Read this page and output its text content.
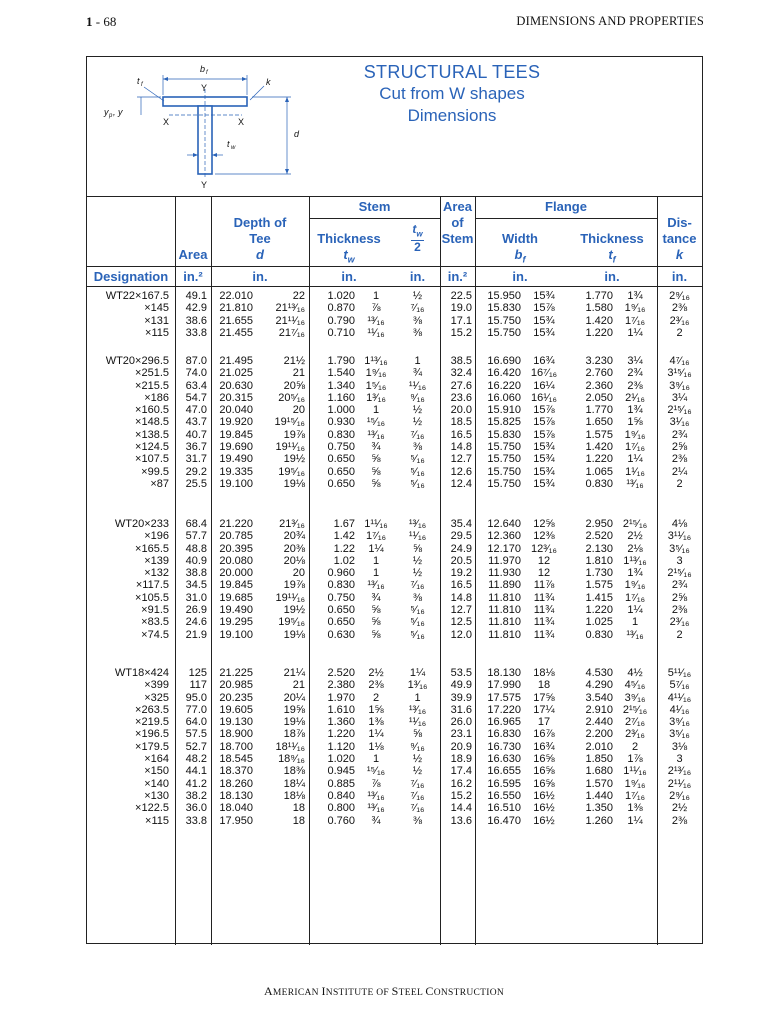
1 - 68	DIMENSIONS AND PROPERTIES
b f
t f	k
Y
Y
X	X
y p , y
d
t w
STRUCTURAL TEES
Cut from W shapes
Dimensions
Area
Depth of
Tee
d
Stem
Thickness
$t_w$
$\frac{t_w}{2}$
Area
of
Stem
Flange
Width
$b_f$
Thickness
$t_f$
Dis-
tance
k
Designation	in.²	in.	in.	in.	in.²	in.	in.	in.
WT22×167.5	49.1	22.010	22	1.020	1	½	22.5	15.950	15¾	1.770	1¾	2⁹⁄₁₆
×145	42.9	21.810	21¹³⁄₁₆	0.870	⅞	⁷⁄₁₆	19.0	15.830	15⅞	1.580	1⁹⁄₁₆	2⅜
×131	38.6	21.655	21¹¹⁄₁₆	0.790	¹³⁄₁₆	⅜	17.1	15.750	15¾	1.420	1⁷⁄₁₆	2³⁄₁₆
×115	33.8	21.455	21⁷⁄₁₆	0.710	¹¹⁄₁₆	⅜	15.2	15.750	15¾	1.220	1¼	2
WT20×296.5	87.0	21.495	21½	1.790 1¹³⁄₁₆	1	38.5	16.690	16¾	3.230	3¼	4⁷⁄₁₆
×251.5	74.0	21.025	21	1.540 1⁹⁄₁₆	¾	32.4	16.420 16⁷⁄₁₆	2.760	2¾	3¹⁵⁄₁₆
×215.5	63.4	20.630	20⅝	1.340 1⁵⁄₁₆	¹¹⁄₁₆	27.6	16.220	16¼	2.360	2⅜	3⁹⁄₁₆
×186	54.7	20.315	20⁵⁄₁₆	1.160	1³⁄₁₆	⁹⁄₁₆	23.6	16.060 16¹⁄₁₆	2.050	2¹⁄₁₆	3¼
×160.5	47.0	20.040	20	1.000	1	½	20.0	15.910	15⅞	1.770	1¾	2¹⁵⁄₁₆
×148.5	43.7	19.920	19¹⁵⁄₁₆	0.930	¹⁵⁄₁₆	½	18.5	15.825	15⅞	1.650	1⅝	3¹⁄₁₆
×138.5	40.7	19.845	19⅞	0.830	¹³⁄₁₆	⁷⁄₁₆	16.5	15.830	15⅞	1.575	1⁹⁄₁₆	2¾
×124.5	36.7	19.690	19¹¹⁄₁₆	0.750	¾	⅜	14.8	15.750	15¾	1.420	1⁷⁄₁₆	2⅝
×107.5	31.7	19.490	19½	0.650	⅝	⁵⁄₁₆	12.7	15.750	15¾	1.220	1¼	2⅜
×99.5	29.2	19.335	19⁵⁄₁₆	0.650	⅝	⁵⁄₁₆	12.6	15.750	15¾	1.065	1¹⁄₁₆	2¼
×87	25.5	19.100	19⅛	0.650	⅝	⁵⁄₁₆	12.4	15.750	15¾	0.830	¹³⁄₁₆	2
WT20×233	68.4	21.220	21³⁄₁₆	1.67 1¹¹⁄₁₆	¹³⁄₁₆	35.4	12.640	12⅝	2.950 2¹⁵⁄₁₆	4⅛
×196	57.7	20.785	20¾	1.42 1⁷⁄₁₆	¹¹⁄₁₆	29.5	12.360	12⅜	2.520	2½	3¹¹⁄₁₆
×165.5	48.8	20.395	20⅜	1.22	1¼	⅝	24.9	12.170 12³⁄₁₆	2.130	2⅛	3⁵⁄₁₆
×139	40.9	20.080	20⅛	1.02	1	½	20.5	11.970	12	1.810 1¹³⁄₁₆	3
×132	38.8	20.000	20	0.960	1	½	19.2	11.930	12	1.730	1¾	2¹⁵⁄₁₆
×117.5	34.5	19.845	19⅞	0.830	¹³⁄₁₆	⁷⁄₁₆	16.5	11.890	11⅞	1.575	1⁹⁄₁₆	2¾
×105.5	31.0	19.685	19¹¹⁄₁₆	0.750	¾	⅜	14.8	11.810	11¾	1.415	1⁷⁄₁₆	2⅝
×91.5	26.9	19.490	19½	0.650	⅝	⁵⁄₁₆	12.7	11.810	11¾	1.220	1¼	2⅜
×83.5	24.6	19.295	19⁵⁄₁₆	0.650	⅝	⁵⁄₁₆	12.5	11.810	11¾	1.025	1	2³⁄₁₆
×74.5	21.9	19.100	19⅛	0.630	⅝	⁵⁄₁₆	12.0	11.810	11¾	0.830	¹³⁄₁₆	2
WT18×424	125	21.225	21¼	2.520	2½	1¼	53.5	18.130	18⅛	4.530	4½	5¹¹⁄₁₆
×399	117	20.985	21	2.380	2⅜	1³⁄₁₆	49.9	17.990	18	4.290	4⁵⁄₁₆	5⁷⁄₁₆
×325	95.0	20.235	20¼	1.970	2	1	39.9	17.575	17⅝	3.540	3⁹⁄₁₆	4¹¹⁄₁₆
×263.5	77.0	19.605	19⅝	1.610	1⅝	¹³⁄₁₆	31.6	17.220	17¼	2.910 2¹⁵⁄₁₆	4¹⁄₁₆
×219.5	64.0	19.130	19⅛	1.360	1⅜	¹¹⁄₁₆	26.0	16.965	17	2.440	2⁷⁄₁₆	3⁹⁄₁₆
×196.5	57.5	18.900	18⅞	1.220	1¼	⅝	23.1	16.830	16⅞	2.200	2³⁄₁₆	3⁵⁄₁₆
×179.5	52.7	18.700	18¹¹⁄₁₆	1.120	1⅛	⁹⁄₁₆	20.9	16.730	16¾	2.010	2	3⅛
×164	48.2	18.545	18⁹⁄₁₆	1.020	1	½	18.9	16.630	16⅝	1.850	1⅞	3
×150	44.1	18.370	18⅜	0.945	¹⁵⁄₁₆	½	17.4	16.655	16⅝	1.680 1¹¹⁄₁₆	2¹³⁄₁₆
×140	41.2	18.260	18¼	0.885	⅞	⁷⁄₁₆	16.2	16.595	16⅝	1.570	1⁹⁄₁₆	2¹¹⁄₁₆
×130	38.2	18.130	18⅛	0.840	¹³⁄₁₆	⁷⁄₁₆	15.2	16.550	16½	1.440	1⁷⁄₁₆	2⁹⁄₁₆
×122.5	36.0	18.040	18	0.800	¹³⁄₁₆	⁷⁄₁₆	14.4	16.510	16½	1.350	1⅜	2½
×115	33.8	17.950	18	0.760	¾	⅜	13.6	16.470	16½	1.260	1¼	2⅜
AMERICAN INSTITUTE OF STEEL CONSTRUCTION
